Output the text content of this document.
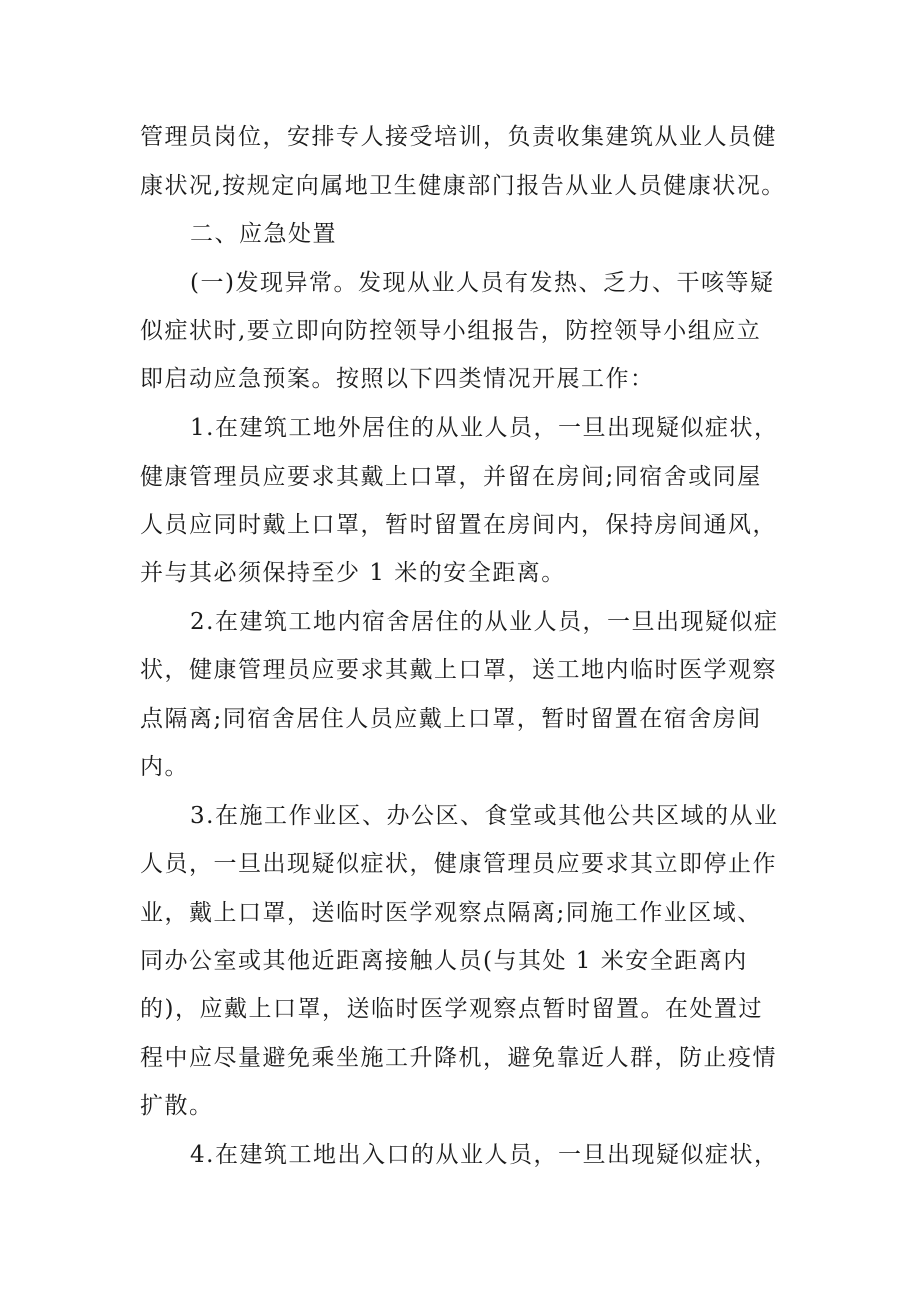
管理员岗位，安排专人接受培训，负责收集建筑从业人员健
康状况,按规定向属地卫生健康部门报告从业人员健康状况。
二、应急处置
(一)发现异常。发现从业人员有发热、乏力、干咳等疑
似症状时,要立即向防控领导小组报告，防控领导小组应立
即启动应急预案。按照以下四类情况开展工作：
1.在建筑工地外居住的从业人员，一旦出现疑似症状，
健康管理员应要求其戴上口罩，并留在房间;同宿舍或同屋
人员应同时戴上口罩，暂时留置在房间内，保持房间通风，
并与其必须保持至少 1 米的安全距离。
2.在建筑工地内宿舍居住的从业人员，一旦出现疑似症
状，健康管理员应要求其戴上口罩，送工地内临时医学观察
点隔离;同宿舍居住人员应戴上口罩，暂时留置在宿舍房间
内。
3.在施工作业区、办公区、食堂或其他公共区域的从业
人员，一旦出现疑似症状，健康管理员应要求其立即停止作
业，戴上口罩，送临时医学观察点隔离;同施工作业区域、
同办公室或其他近距离接触人员(与其处 1 米安全距离内
的)，应戴上口罩，送临时医学观察点暂时留置。在处置过
程中应尽量避免乘坐施工升降机，避免靠近人群，防止疫情
扩散。
4.在建筑工地出入口的从业人员，一旦出现疑似症状，
